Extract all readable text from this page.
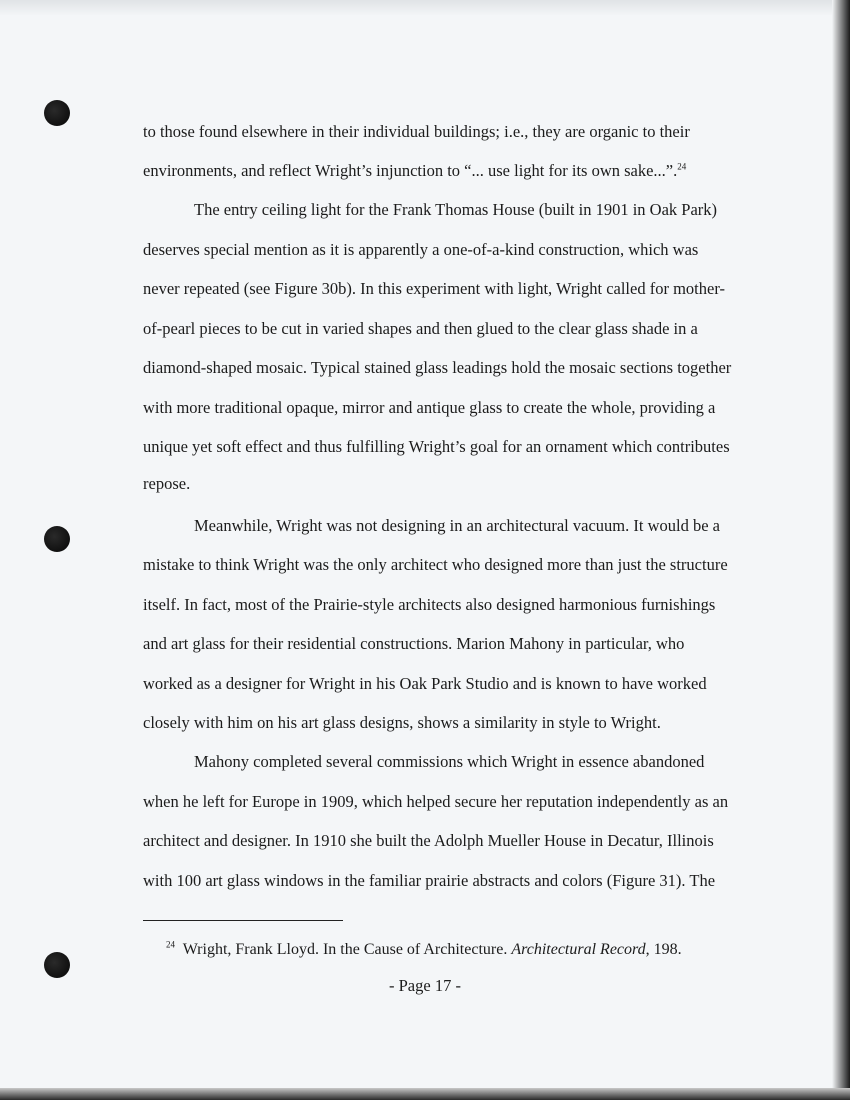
to those found elsewhere in their individual buildings; i.e., they are organic to their
environments, and reflect Wright’s injunction to “... use light for its own sake...”.$^{24}$
The entry ceiling light for the Frank Thomas House (built in 1901 in Oak Park)
deserves special mention as it is apparently a one-of-a-kind construction, which was
never repeated (see Figure 30b). In this experiment with light, Wright called for mother-
of-pearl pieces to be cut in varied shapes and then glued to the clear glass shade in a
diamond-shaped mosaic. Typical stained glass leadings hold the mosaic sections together
with more traditional opaque, mirror and antique glass to create the whole, providing a
unique yet soft effect and thus fulfilling Wright’s goal for an ornament which contributes
repose.
Meanwhile, Wright was not designing in an architectural vacuum. It would be a
mistake to think Wright was the only architect who designed more than just the structure
itself. In fact, most of the Prairie-style architects also designed harmonious furnishings
and art glass for their residential constructions. Marion Mahony in particular, who
worked as a designer for Wright in his Oak Park Studio and is known to have worked
closely with him on his art glass designs, shows a similarity in style to Wright.
Mahony completed several commissions which Wright in essence abandoned
when he left for Europe in 1909, which helped secure her reputation independently as an
architect and designer. In 1910 she built the Adolph Mueller House in Decatur, Illinois
with 100 art glass windows in the familiar prairie abstracts and colors (Figure 31). The
$^{24}$ Wright, Frank Lloyd. In the Cause of Architecture. Architectural Record, 198.
- Page 17 -
